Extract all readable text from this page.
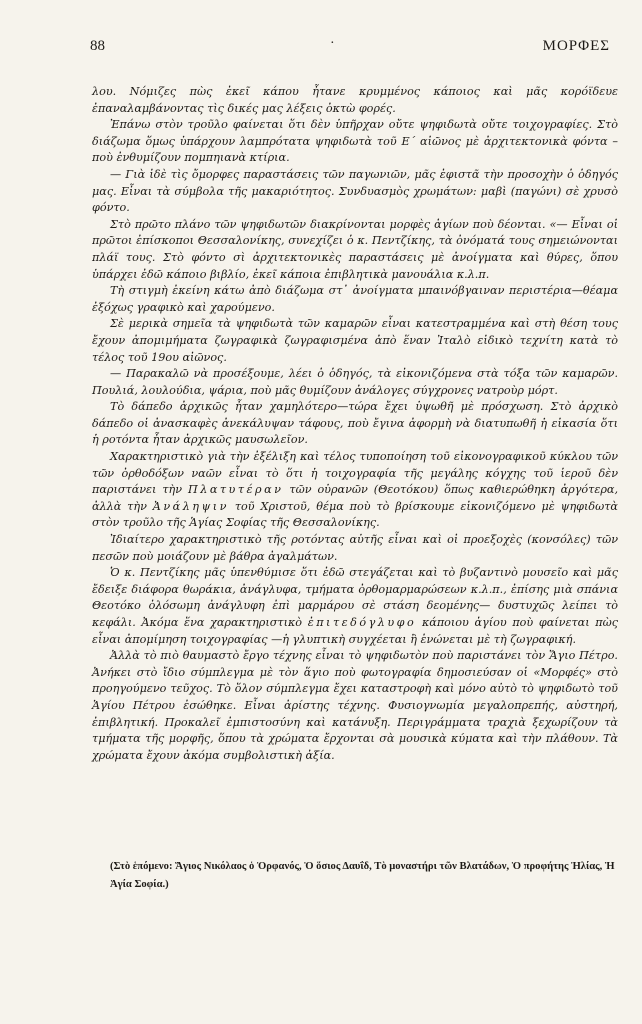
88	·	ΜΟΡΦΕΣ

λου. Νόμιζες πὼς ἐκεῖ κάπου ἦτανε κρυμμένος κάποιος καὶ μᾶς κορόϊδευε ἐπαναλαμβάνοντας τὶς δικές μας λέξεις ὀκτὼ φορές.

Ἐπάνω στὸν τροῦλο φαίνεται ὅτι δὲν ὑπῆρχαν οὔτε ψηφιδωτὰ οὔτε τοιχογραφίες. Στὸ διάζωμα ὅμως ὑπάρχουν λαμπρότατα ψηφιδωτὰ τοῦ Ε´ αἰῶνος μὲ ἀρχιτεκτονικὰ φόντα – ποὺ ἐνθυμίζουν πομπηιανὰ κτίρια.

— Γιὰ ἰδὲ τὶς ὄμορφες παραστάσεις τῶν παγωνιῶν, μᾶς ἐφιστᾶ τὴν προσοχὴν ὁ ὁδηγός μας. Εἶναι τὰ σύμβολα τῆς μακαριότητος. Συνδυασμὸς χρωμάτων: μαβὶ (παγώνι) σὲ χρυσὸ φόντο.

Στὸ πρῶτο πλάνο τῶν ψηφιδωτῶν διακρίνονται μορφὲς ἁγίων ποὺ δέονται. «— Εἶναι οἱ πρῶτοι ἐπίσκοποι Θεσσαλονίκης, συνεχίζει ὁ κ. Πεντζίκης, τὰ ὀνόματά τους σημειώνονται πλάϊ τους. Στὸ φόντο σὶ ἀρχιτεκτονικὲς παραστάσεις μὲ ἀνοίγματα καὶ θύρες, ὅπου ὑπάρχει ἐδῶ κάποιο βιβλίο, ἐκεῖ κάποια ἐπιβλητικὰ μανουάλια κ.λ.π.

Τὴ στιγμὴ ἐκείνη κάτω ἀπὸ διάζωμα στ᾿ ἀνοίγματα μπαινόβγαιναν περιστέρια—θέαμα ἐξόχως γραφικὸ καὶ χαρούμενο.

Σὲ μερικὰ σημεῖα τὰ ψηφιδωτὰ τῶν καμαρῶν εἶναι κατεστραμμένα καὶ στὴ θέση τους ἔχουν ἀπομιμήματα ζωγραφικὰ ζωγραφισμένα ἀπὸ ἕναν Ἰταλὸ εἰδικὸ τεχνίτη κατὰ τὸ τέλος τοῦ 19ου αἰῶνος.

— Παρακαλῶ νὰ προσέξουμε, λέει ὁ ὁδηγός, τὰ εἰκονιζόμενα στὰ τόξα τῶν καμαρῶν. Πουλιά, λουλούδια, ψάρια, ποὺ μᾶς θυμίζουν ἀνάλογες σύγχρονες νατροὺρ μόρτ.

Τὸ δάπεδο ἀρχικῶς ἦταν χαμηλότερο—τώρα ἔχει ὑψωθῆ μὲ πρόσχωση. Στὸ ἀρχικὸ δάπεδο οἱ ἀνασκαφὲς ἀνεκάλυψαν τάφους, ποὺ ἔγινα ἀφορμὴ νὰ διατυπωθῆ ἡ εἰκασία ὅτι ἡ ροτόντα ἦταν ἀρχικῶς μαυσωλεῖον.

Χαρακτηριστικὸ γιὰ τὴν ἐξέλιξη καὶ τέλος τυποποίηση τοῦ εἰκονογραφικοῦ κύκλου τῶν τῶν ὀρθοδόξων ναῶν εἶναι τὸ ὅτι ἡ τοιχογραφία τῆς μεγάλης κόγχης τοῦ ἱεροῦ δὲν παριστάνει τὴν Πλατυτέραν τῶν οὐρανῶν (Θεοτόκου) ὅπως καθιερώθηκη ἀργότερα, ἀλλὰ τὴν Ἀνάληψιν τοῦ Χριστοῦ, θέμα ποὺ τὸ βρίσκουμε εἰκονιζόμενο μὲ ψηφιδωτὰ στὸν τροῦλο τῆς Ἁγίας Σοφίας τῆς Θεσσαλονίκης.

Ἰδιαίτερο χαρακτηριστικὸ τῆς ροτόντας αὐτῆς εἶναι καὶ οἱ προεξοχὲς (κονσόλες) τῶν πεσῶν ποὺ μοιάζουν μὲ βάθρα ἀγαλμάτων.

Ὁ κ. Πεντζίκης μᾶς ὑπενθύμισε ὅτι ἐδῶ στεγάζεται καὶ τὸ βυζαντινὸ μουσεῖο καὶ μᾶς ἔδειξε διάφορα θωράκια, ἀνάγλυφα, τμήματα ὀρθομαρμαρώσεων κ.λ.π., ἐπίσης μιὰ σπάνια Θεοτόκο ὁλόσωμη ἀνάγλυφη ἐπὶ μαρμάρου σὲ στάση δεομένης— δυστυχῶς λείπει τὸ κεφάλι. Ἀκόμα ἕνα χαρακτηριστικὸ ἐπιτεδόγλυφο κάποιου ἁγίου ποὺ φαίνεται πὼς εἶναι ἀπομίμηση τοιχογραφίας —ἡ γλυπτικὴ συγχέεται ἢ ἑνώνεται μὲ τὴ ζωγραφική.

Ἀλλὰ τὸ πιὸ θαυμαστὸ ἔργο τέχνης εἶναι τὸ ψηφιδωτὸν ποὺ παριστάνει τὸν Ἅγιο Πέτρο. Ἀνήκει στὸ ἴδιο σύμπλεγμα μὲ τὸν ἅγιο ποὺ φωτογραφία δημοσιεύσαν οἱ «Μορφές» στὸ προηγούμενο τεῦχος. Τὸ ὅλον σύμπλεγμα ἔχει καταστροφὴ καὶ μόνο αὐτὸ τὸ ψηφιδωτὸ τοῦ Ἁγίου Πέτρου ἐσώθηκε. Εἶναι ἀρίστης τέχνης. Φυσιογνωμία μεγαλοπρεπής, αὐστηρή, ἐπιβλητική. Προκαλεῖ ἐμπιστοσύνη καὶ κατάνυξη. Περιγράμματα τραχιὰ ξεχωρίζουν τὰ τμήματα τῆς μορφῆς, ὅπου τὰ χρώματα ἔρχονται σὰ μουσικὰ κύματα καὶ τὴν πλάθουν. Τὰ χρώματα ἔχουν ἀκόμα συμβολιστικὴ ἀξία.

(Στὸ ἑπόμενο: Ἅγιος Νικόλαος ὁ Ὀρφανός, Ὁ ὅσιος Δαυΐδ, Τὸ μοναστήρι τῶν Βλατάδων, Ὁ προφήτης Ἠλίας, Ἡ Ἁγία Σοφία.)
